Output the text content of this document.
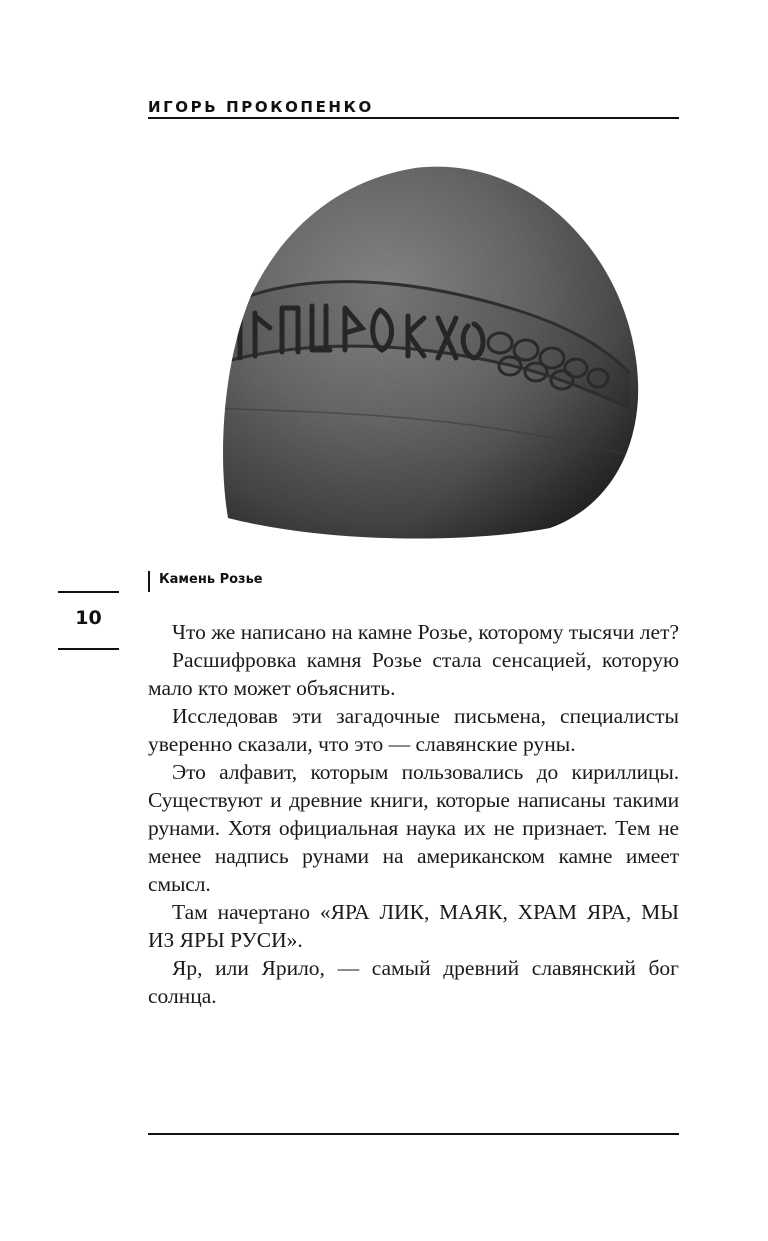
ИГОРЬ ПРОКОПЕНКО
Камень Розье
10

Что же написано на камне Розье, которому тысячи лет?

Расшифровка камня Розье стала сенсацией, которую мало кто может объяснить.

Исследовав эти загадочные письмена, специалисты уверенно сказали, что это — славянские руны.

Это алфавит, которым пользовались до кириллицы. Существуют и древние книги, которые написаны такими рунами. Хотя официальная наука их не признает. Тем не менее надпись рунами на американском камне имеет смысл.

Там начертано «ЯРА ЛИК, МАЯК, ХРАМ ЯРА, МЫ ИЗ ЯРЫ РУСИ».

Яр, или Ярило, — самый древний славянский бог солнца.
